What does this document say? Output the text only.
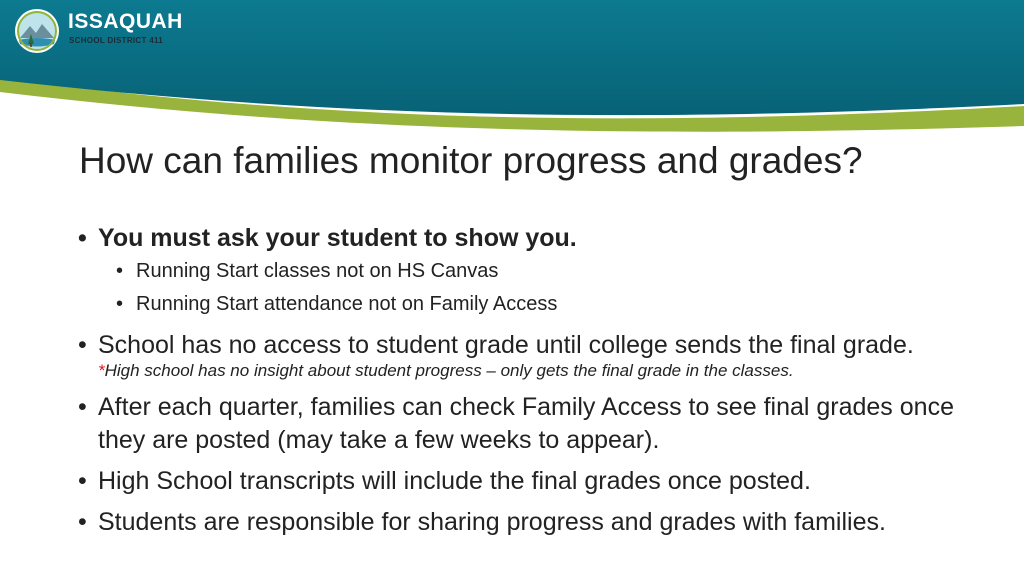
ISSAQUAH
SCHOOL DISTRICT 411
How can families monitor progress and grades?
• You must ask your student to show you.
• Running Start classes not on HS Canvas
• Running Start attendance not on Family Access
• School has no access to student grade until college sends the final grade.
*High school has no insight about student progress – only gets the final grade in the classes.
• After each quarter, families can check Family Access to see final grades once they are posted (may take a few weeks to appear).
• High School transcripts will include the final grades once posted.
• Students are responsible for sharing progress and grades with families.
